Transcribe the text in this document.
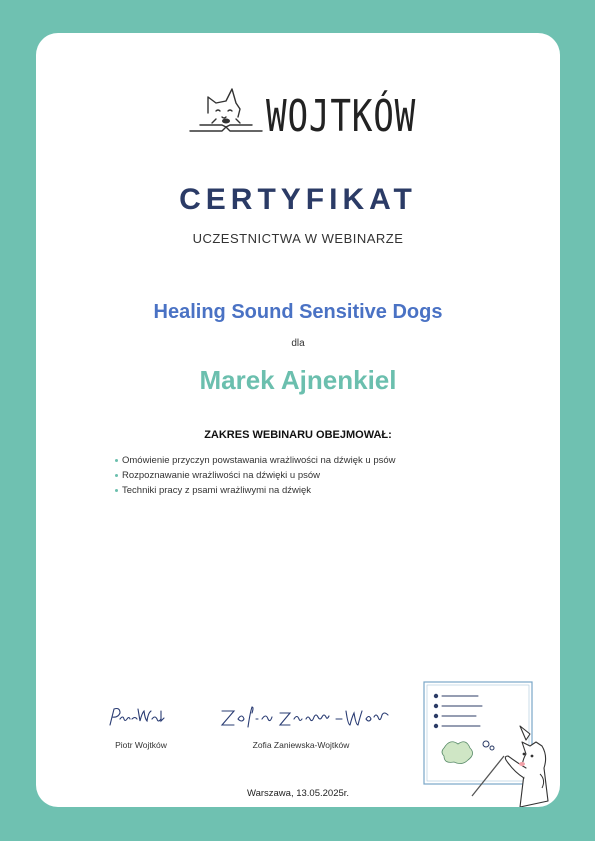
WOJTKÓW
CERTYFIKAT
UCZESTNICTWA W WEBINARZE
Healing Sound Sensitive Dogs
dla
Marek Ajnenkiel
ZAKRES WEBINARU OBEJMOWAŁ:
Omówienie przyczyn powstawania wrażliwości na dźwięk u psów
Rozpoznawanie wrażliwości na dźwięki u psów
Techniki pracy z psami wrażliwymi na dźwięk
Piotr Wojtków	Zofia Zaniewska-Wojtków
Warszawa, 13.05.2025r.
